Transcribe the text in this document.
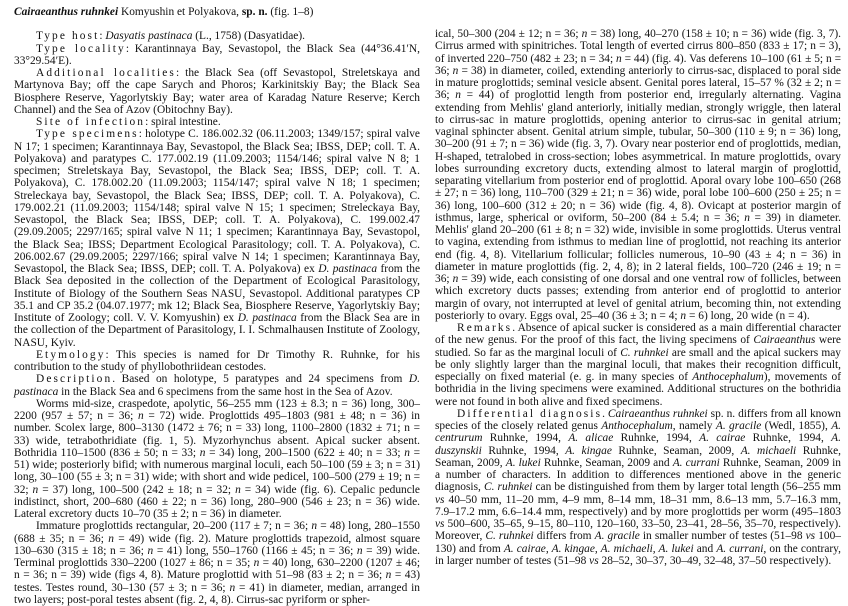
Cairaeanthus ruhnkei Komyushin et Polyakova, sp. n. (fig. 1–8)

Type host: Dasyatis pastinaca (L., 1758) (Dasyatidae).

Type locality: Karantinnaya Bay, Sevastopol, the Black Sea (44°36.41′N, 33°29.54′E).

Additional localities: the Black Sea (off Sevastopol, Streletskaya and Martynova Bay; off the cape Sarych and Phoros; Karkinitskiy Bay; the Black Sea Biosphere Reserve, Yagorlytskiy Bay; water area of Karadag Nature Reserve; Kerch Channel) and the Sea of Azov (Obitochny Bay).

Site of infection: spiral intestine.

Type specimens: holotype C. 186.002.32 (06.11.2003; 1349/157; spiral valve N 17; 1 specimen; Karantinnaya Bay, Sevastopol, the Black Sea; IBSS, DEP; coll. T. A. Polyakova) and paratypes C. 177.002.19 (11.09.2003; 1154/146; spiral valve N 8; 1 specimen; Streletskaya Bay, Sevastopol, the Black Sea; IBSS, DEP; coll. T. A. Polyakova), C. 178.002.20 (11.09.2003; 1154/147; spiral valve N 18; 1 specimen; Streleckaya bay, Sevastopol, the Black Sea; IBSS, DEP; coll. T. A. Polyakova), C. 179.002.21 (11.09.2003; 1154/148; spiral valve N 15; 1 specimen; Streleckaya Bay, Sevastopol, the Black Sea; IBSS, DEP; coll. T. A. Polyakova), C. 199.002.47 (29.09.2005; 2297/165; spiral valve N 11; 1 specimen; Karantinnaya Bay, Sevastopol, the Black Sea; IBSS; Department Ecological Parasitology; coll. T. A. Polyakova), C. 206.002.67 (29.09.2005; 2297/166; spiral valve N 14; 1 specimen; Karantinnaya Bay, Sevastopol, the Black Sea; IBSS, DEP; coll. T. A. Polyakova) ex D. pastinaca from the Black Sea deposited in the collection of the Department of Ecological Parasitology, Institute of Biology of the Southern Seas NASU, Sevastopol. Additional paratypes CP 35.1 and CP 35.2 (04.07.1977; mk 12; Black Sea, Biosphere Reserve, Yagorlytskiy Bay; Institute of Zoology; coll. V. V. Komyushin) ex D. pastinaca from the Black Sea are in the collection of the Department of Parasitology, I. I. Schmalhausen Institute of Zoology, NASU, Kyiv.

Etymology: This species is named for Dr Timothy R. Ruhnke, for his contribution to the study of phyllobothriidean cestodes.

Description. Based on holotype, 5 paratypes and 24 specimens from D. pastinaca in the Black Sea and 6 specimens from the same host in the Sea of Azov.

Worms mid-size, craspedote, apolytic, 56–255 mm (123 ± 8.3; n = 36) long, 300–2200 (957 ± 57; n = 36; n = 72) wide. Proglottids 495–1803 (981 ± 48; n = 36) in number. Scolex large, 800–3130 (1472 ± 76; n = 33) long, 1100–2800 (1832 ± 71; n = 33) wide, tetrabothridiate (fig. 1, 5). Myzorhynchus absent. Apical sucker absent. Bothridia 110–1500 (836 ± 50; n = 33; n = 34) long, 200–1500 (622 ± 40; n = 33; n = 51) wide; posteriorly bifid; with numerous marginal loculi, each 50–100 (59 ± 3; n = 31) long, 30–100 (55 ± 3; n = 31) wide; with short and wide pedicel, 100–500 (279 ± 19; n = 32; n = 37) long, 100–500 (242 ± 18; n = 32; n = 34) wide (fig. 6). Cepalic peduncle indistinct, short, 200–680 (460 ± 22; n = 36) long, 280–900 (546 ± 23; n = 36) wide. Lateral excretory ducts 10–70 (35 ± 2; n = 36) in diameter.

Immature proglottids rectangular, 20–200 (117 ± 7; n = 36; n = 48) long, 280–1550 (688 ± 35; n = 36; n = 49) wide (fig. 2). Mature proglottids trapezoid, almost square 130–630 (315 ± 18; n = 36; n = 41) long, 550–1760 (1166 ± 45; n = 36; n = 39) wide. Terminal proglottids 330–2200 (1027 ± 86; n = 35; n = 40) long, 630–2200 (1207 ± 46; n = 36; n = 39) wide (figs 4, 8). Mature proglottid with 51–98 (83 ± 2; n = 36; n = 43) testes. Testes round, 30–130 (57 ± 3; n = 36; n = 41) in diameter, median, arranged in two layers; post-poral testes absent (fig. 2, 4, 8). Cirrus-sac pyriform or spher-

ical, 50–300 (204 ± 12; n = 36; n = 38) long, 40–270 (158 ± 10; n = 36) wide (fig. 3, 7). Cirrus armed with spinitriches. Total length of everted cirrus 800–850 (833 ± 17; n = 3), of inverted 220–750 (482 ± 23; n = 34; n = 44) (fig. 4). Vas deferens 10–100 (61 ± 5; n = 36; n = 38) in diameter, coiled, extending anteriorly to cirrus-sac, displaced to poral side in mature proglottids; seminal vesicle absent. Genital pores lateral, 15–57 % (32 ± 2; n = 36; n = 44) of proglottid length from posterior end, irregularly alternating. Vagina extending from Mehlis' gland anteriorly, initially median, strongly wriggle, then lateral to cirrus-sac in mature proglottids, opening anterior to cirrus-sac in genital atrium; vaginal sphincter absent. Genital atrium simple, tubular, 50–300 (110 ± 9; n = 36) long, 30–200 (91 ± 7; n = 36) wide (fig. 3, 7). Ovary near posterior end of proglottids, median, H-shaped, tetralobed in cross-section; lobes asymmetrical. In mature proglottids, ovary lobes surrounding excretory ducts, extending almost to lateral margin of proglottid, separating vitellarium from posterior end of proglottid. Aporal ovary lobe 100–650 (268 ± 27; n = 36) long, 110–700 (329 ± 21; n = 36) wide, poral lobe 100–600 (250 ± 25; n = 36) long, 100–600 (312 ± 20; n = 36) wide (fig. 4, 8). Ovicapt at posterior margin of isthmus, large, spherical or oviform, 50–200 (84 ± 5.4; n = 36; n = 39) in diameter. Mehlis' gland 20–200 (61 ± 8; n = 32) wide, invisible in some proglottids. Uterus ventral to vagina, extending from isthmus to median line of proglottid, not reaching its anterior end (fig. 4, 8). Vitellarium follicular; follicles numerous, 10–90 (43 ± 4; n = 36) in diameter in mature proglottids (fig. 2, 4, 8); in 2 lateral fields, 100–720 (246 ± 19; n = 36; n = 39) wide, each consisting of one dorsal and one ventral row of follicles, between which excretory ducts passes; extending from anterior end of proglottid to anterior margin of ovary, not interrupted at level of genital atrium, becoming thin, not extending posteriorly to ovary. Eggs oval, 25–40 (36 ± 3; n = 4; n = 6) long, 20 wide (n = 4).

Remarks. Absence of apical sucker is considered as a main differential character of the new genus. For the proof of this fact, the living specimens of Cairaeanthus were studied. So far as the marginal loculi of C. ruhnkei are small and the apical suckers may be only slightly larger than the marginal loculi, that makes their recognition difficult, especially on fixed material (e. g. in many species of Anthocephalum), movements of bothridia in the living specimens were examined. Additional structures on the bothridia were not found in both alive and fixed specimens.

Differential diagnosis. Cairaeanthus ruhnkei sp. n. differs from all known species of the closely related genus Anthocephalum, namely A. gracile (Wedl, 1855), A. centrurum Ruhnke, 1994, A. alicae Ruhnke, 1994, A. cairae Ruhnke, 1994, A. duszynskii Ruhnke, 1994, A. kingae Ruhnke, Seaman, 2009, A. michaeli Ruhnke, Seaman, 2009, A. lukei Ruhnke, Seaman, 2009 and A. currani Ruhnke, Seaman, 2009 in a number of characters. In addition to differences mentioned above in the generic diagnosis, C. ruhnkei can be distinguished from them by larger total length (56–255 mm vs 40–50 mm, 11–20 mm, 4–9 mm, 8–14 mm, 18–31 mm, 8.6–13 mm, 5.7–16.3 mm, 7.9–17.2 mm, 6.6–14.4 mm, respectively) and by more proglottids per worm (495–1803 vs 500–600, 35–65, 9–15, 80–110, 120–160, 33–50, 23–41, 28–56, 35–70, respectively). Moreover, C. ruhnkei differs from A. gracile in smaller number of testes (51–98 vs 100–130) and from A. cairae, A. kingae, A. michaeli, A. lukei and A. currani, on the contrary, in larger number of testes (51–98 vs 28–52, 30–37, 30–49, 32–48, 37–50 respectively).
